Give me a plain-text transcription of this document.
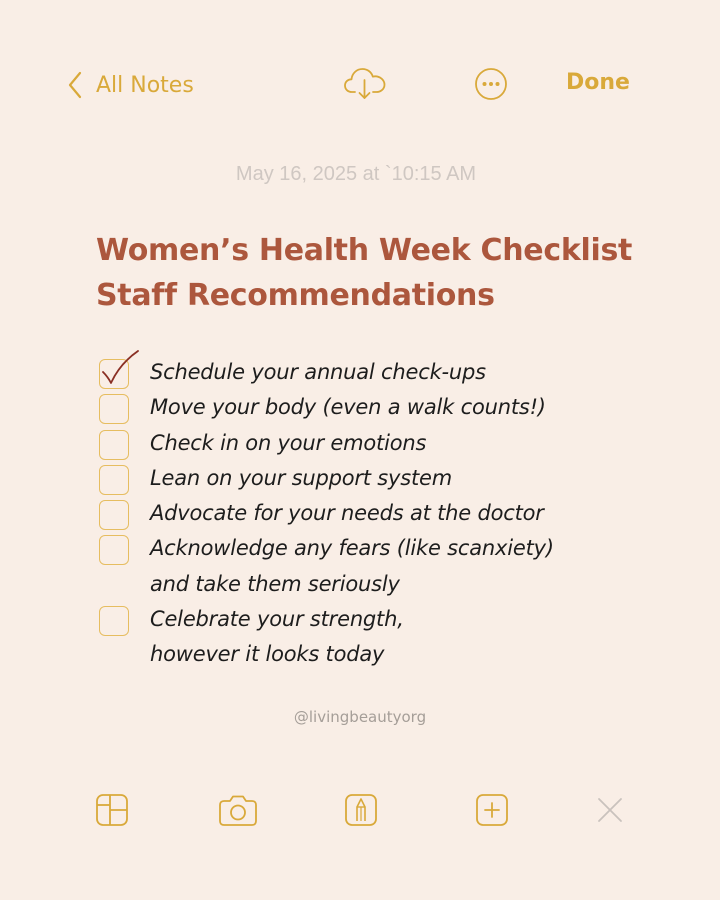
All Notes	Done
May 16, 2025 at `10:15 AM
Women’s Health Week Checklist
Staff Recommendations
Schedule your annual check-ups
Move your body (even a walk counts!)
Check in on your emotions
Lean on your support system
Advocate for your needs at the doctor
Acknowledge any fears (like scanxiety)
and take them seriously
Celebrate your strength,
however it looks today
@livingbeautyorg
